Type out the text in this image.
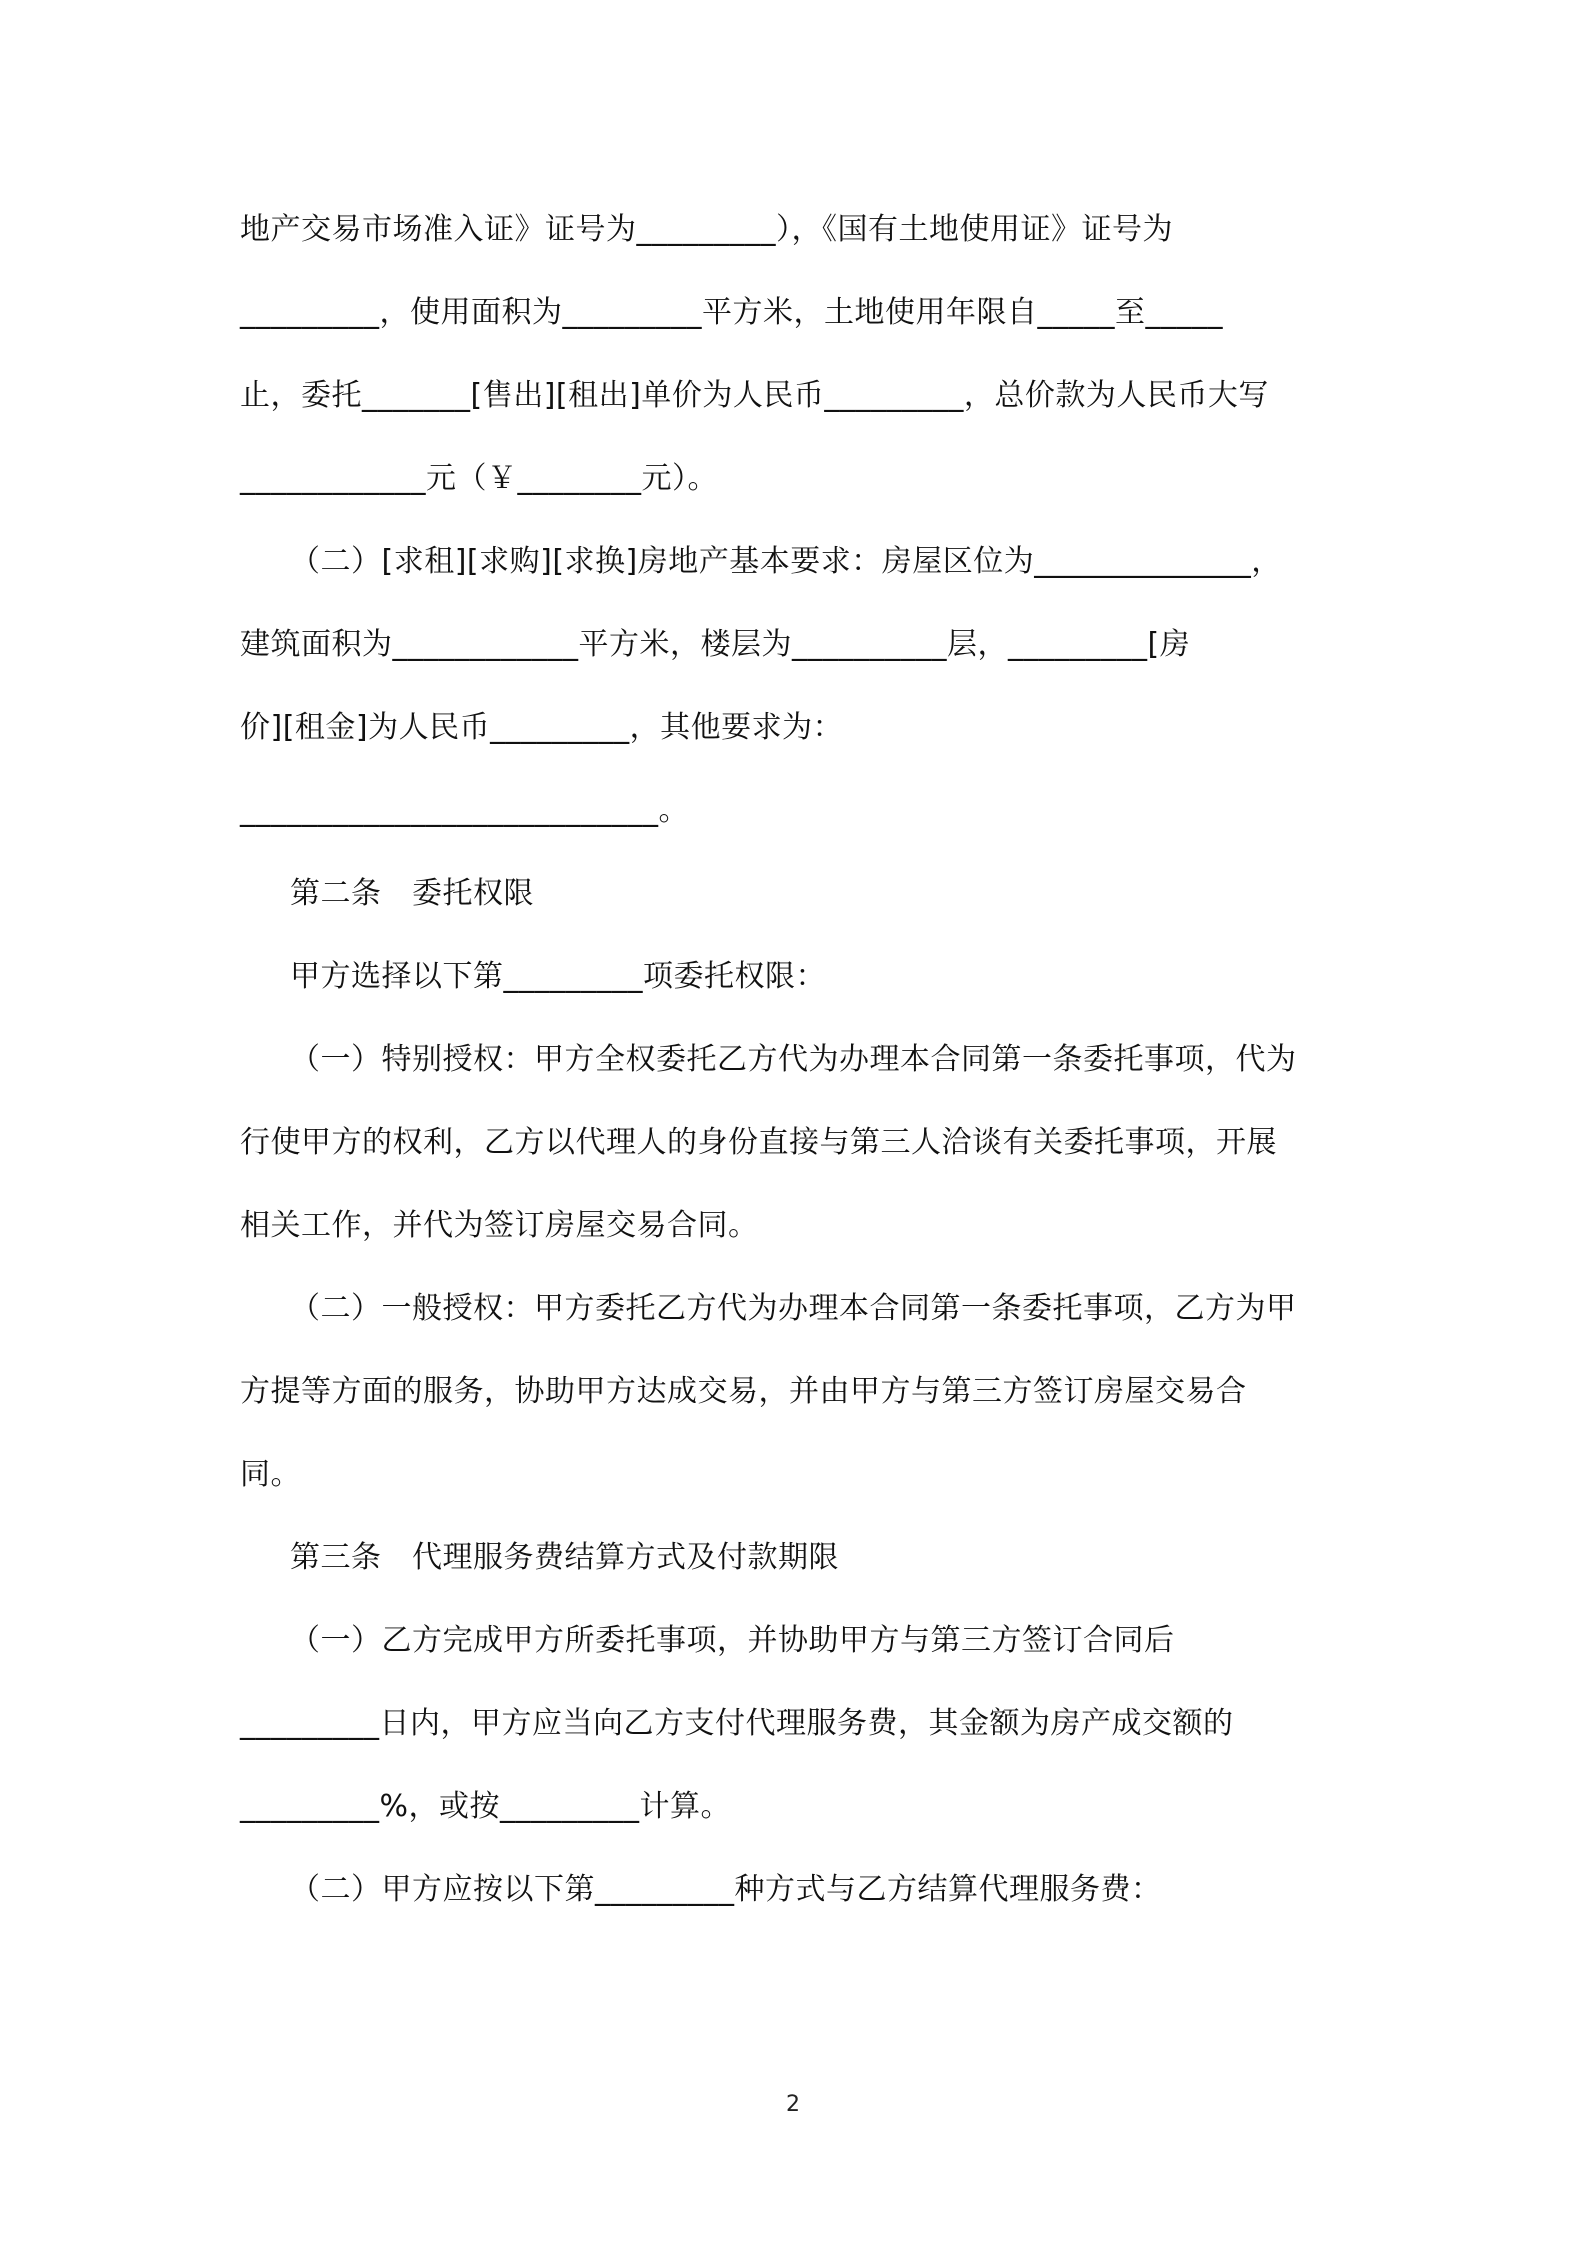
地产交易市场准入证》证号为_________），《国有土地使用证》证号为
_________，使用面积为_________平方米，土地使用年限自_____至_____
止，委托_______[售出][租出]单价为人民币_________，总价款为人民币大写
____________元（￥________元）。
（二）[求租][求购][求换]房地产基本要求：房屋区位为______________，
建筑面积为____________平方米，楼层为__________层，_________[房
价][租金]为人民币_________，其他要求为：
___________________________。
第二条　委托权限
甲方选择以下第_________项委托权限：
（一）特别授权：甲方全权委托乙方代为办理本合同第一条委托事项，代为
行使甲方的权利，乙方以代理人的身份直接与第三人洽谈有关委托事项，开展
相关工作，并代为签订房屋交易合同。
（二）一般授权：甲方委托乙方代为办理本合同第一条委托事项，乙方为甲
方提等方面的服务，协助甲方达成交易，并由甲方与第三方签订房屋交易合
同。
第三条　代理服务费结算方式及付款期限
（一）乙方完成甲方所委托事项，并协助甲方与第三方签订合同后
_________日内，甲方应当向乙方支付代理服务费，其金额为房产成交额的
_________%，或按_________计算。
（二）甲方应按以下第_________种方式与乙方结算代理服务费：
2
